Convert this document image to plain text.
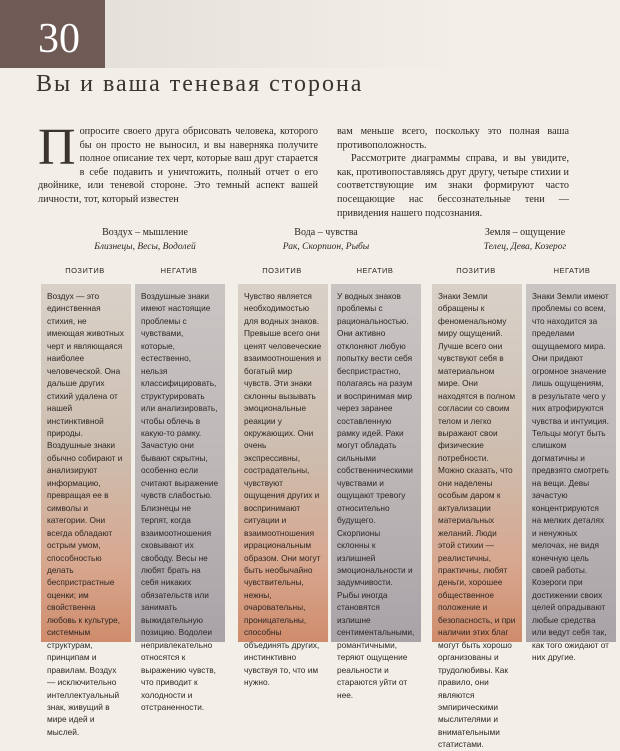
30
Вы и ваша теневая сторона

Попросите своего друга обрисовать человека, которого бы он просто не выносил, и вы наверняка получите полное описание тех черт, которые ваш друг старается в себе подавить и уничтожить, полный отчет о его двойнике, или теневой стороне. Это темный аспект вашей личности, тот, который известен

вам меньше всего, поскольку это полная ваша противоположность.

Рассмотрите диаграммы справа, и вы увидите, как, противопоставляясь друг другу, четыре стихии и соответствующие им знаки формируют часто посещающие нас бессознательные тени — привидения нашего подсознания.

Воздух – мышление
Близнецы, Весы, Водолей
ПОЗИТИВ	НЕГАТИВ

Воздух — это единственная стихия, не имеющая животных черт и являющаяся наиболее человеческой. Она дальше других стихий удалена от нашей инстинктивной природы. Воздушные знаки обычно собирают и анализируют информацию, превращая ее в символы и категории. Они всегда обладают острым умом, способностью делать беспристрастные оценки; им свойственна любовь к культуре, системным структурам, принципам и правилам. Воздух — исключительно интеллектуальный знак, живущий в мире идей и мыслей.

Воздушные знаки имеют настоящие проблемы с чувствами, которые, естественно, нельзя классифицировать, структурировать или анализировать, чтобы облечь в какую-то рамку. Зачастую они бывают скрытны, особенно если считают выражение чувств слабостью. Близнецы не терпят, когда взаимоотношения сковывают их свободу. Весы не любят брать на себя никаких обязательств или занимать выжидательную позицию. Водолеи непривлекательно относятся к выражению чувств, что приводит к холодности и отстраненности.

Вода – чувства
Рак, Скорпион, Рыбы
ПОЗИТИВ	НЕГАТИВ

Чувство является необходимостью для водных знаков. Превыше всего они ценят человеческие взаимоотношения и богатый мир чувств. Эти знаки склонны вызывать эмоциональные реакции у окружающих. Они очень экспрессивны, сострадательны, чувствуют ощущения других и воспринимают ситуации и взаимоотношения иррациональным образом. Они могут быть необычайно чувствительны, нежны, очаровательны, проницательны, способны объединять других, инстинктивно чувствуя то, что им нужно.

У водных знаков проблемы с рациональностью. Они активно отклоняют любую попытку вести себя беспристрастно, полагаясь на разум и воспринимая мир через заранее составленную рамку идей. Раки могут обладать сильными собственническими чувствами и ощущают тревогу относительно будущего. Скорпионы склонны к излишней эмоциональности и задумчивости. Рыбы иногда становятся излишне сентиментальными, романтичными, теряют ощущение реальности и стараются уйти от нее.

Земля – ощущение
Телец, Дева, Козерог
ПОЗИТИВ	НЕГАТИВ

Знаки Земли обращены к феноменальному миру ощущений. Лучше всего они чувствуют себя в материальном мире. Они находятся в полном согласии со своим телом и легко выражают свои физические потребности. Можно сказать, что они наделены особым даром к актуализации материальных желаний. Люди этой стихии — реалистичны, практичны, любят деньги, хорошее общественное положение и безопасность, и при наличии этих благ могут быть хорошо организованы и трудолюбивы. Как правило, они являются эмпирическими мыслителями и внимательными статистами.

Знаки Земли имеют проблемы со всем, что находится за пределами ощущаемого мира. Они придают огромное значение лишь ощущениям, в результате чего у них атрофируются чувства и интуиция. Тельцы могут быть слишком догматичны и предвзято смотреть на вещи. Девы зачастую концентрируются на мелких деталях и ненужных мелочах, не видя конечную цель своей работы. Козероги при достижении своих целей опрадывают любые средства или ведут себя так, как того ожидают от них другие.
